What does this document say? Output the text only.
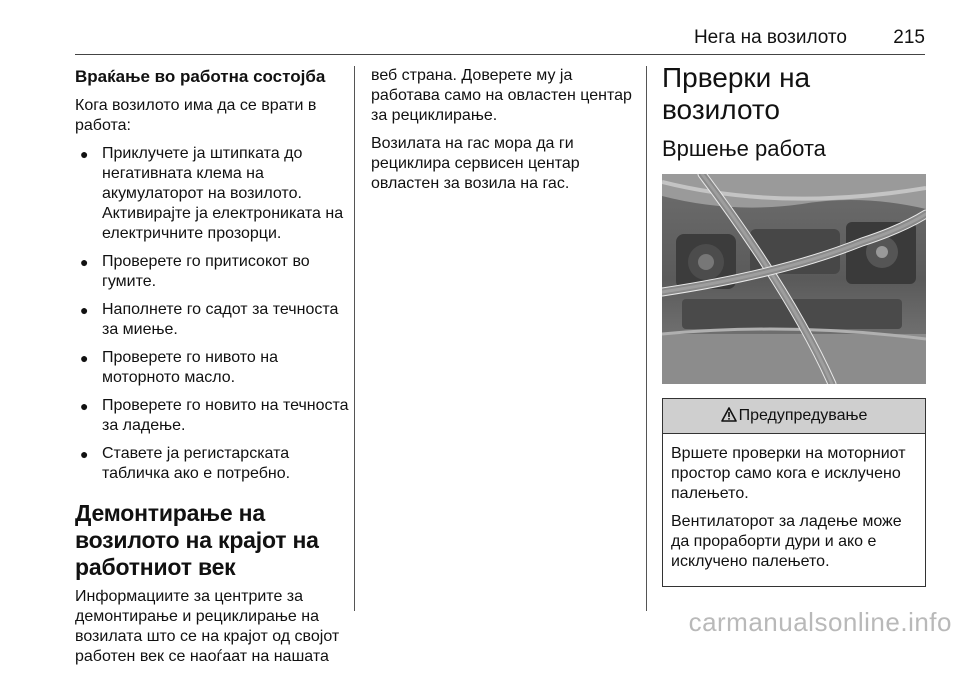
Нега на возилото 215
Враќање во работна состојба

Кога возилото има да се врати в работа:

● Приклучете ја штипката до негативната клема на акумулаторот на возилото. Активирајте ја електрониката на електричните прозорци.
● Проверете го притисокот во гумите.
● Наполнете го садот за течноста за миење.
● Проверете го нивото на моторното масло.
● Проверете го новито на течноста за ладење.
● Ставете ја регистарската табличка ако е потребно.
Демонтирање на возилото на крајот на работниот век

Информациите за центрите за демонтирање и рециклирање на возилата што се на крајот од својот работен век се наоѓаат на нашата

веб страна. Доверете му ја работава само на овластен центар за рециклирање.

Возилата на гас мора да ги рециклира сервисен центар овластен за возила на гас.

Прверки на возилото
Вршење работа
Предупредување

Вршете проверки на моторниот простор само кога е исклучено палењето.

Вентилаторот за ладење може да прораборти дури и ако е исклучено палењето.

carmanualsonline.info
